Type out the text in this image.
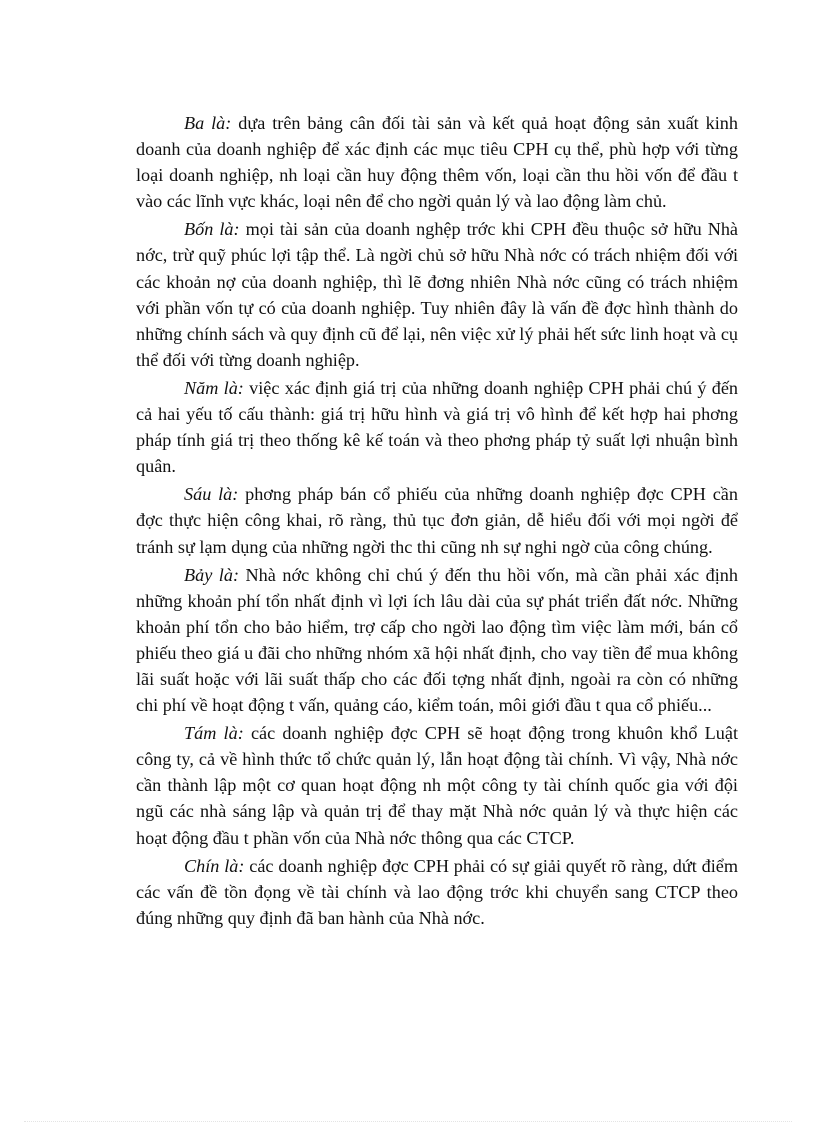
Ba là: dựa trên bảng cân đối tài sản và kết quả hoạt động sản xuất kinh doanh của doanh nghiệp để xác định các mục tiêu CPH cụ thể, phù hợp với từng loại doanh nghiệp, nh loại cần huy động thêm vốn, loại cần thu hồi vốn để đầu t vào các lĩnh vực khác, loại nên để cho ngời quản lý và lao động làm chủ.

Bốn là: mọi tài sản của doanh nghệp trớc khi CPH đều thuộc sở hữu Nhà nớc, trừ quỹ phúc lợi tập thể. Là ngời chủ sở hữu Nhà nớc có trách nhiệm đối với các khoản nợ của doanh nghiệp, thì lẽ đơng nhiên Nhà nớc cũng có trách nhiệm với phần vốn tự có của doanh nghiệp. Tuy nhiên đây là vấn đề đợc hình thành do những chính sách và quy định cũ để lại, nên việc xử lý phải hết sức linh hoạt và cụ thể đối với từng doanh nghiệp.

Năm là: việc xác định giá trị của những doanh nghiệp CPH phải chú ý đến cả hai yếu tố cấu thành: giá trị hữu hình và giá trị vô hình để kết hợp hai phơng pháp tính giá trị theo thống kê kế toán và theo phơng pháp tỷ suất lợi nhuận bình quân.

Sáu là: phơng pháp bán cổ phiếu của những doanh nghiệp đợc CPH cần đợc thực hiện công khai, rõ ràng, thủ tục đơn giản, dễ hiểu đối với mọi ngời để tránh sự lạm dụng của những ngời thc thi cũng nh sự nghi ngờ của công chúng.

Bảy là: Nhà nớc không chỉ chú ý đến thu hồi vốn, mà cần phải xác định những khoản phí tổn nhất định vì lợi ích lâu dài của sự phát triển đất nớc. Những khoản phí tổn cho bảo hiểm, trợ cấp cho ngời lao động tìm việc làm mới, bán cổ phiếu theo giá u đãi cho những nhóm xã hội nhất định, cho vay tiền để mua không lãi suất hoặc với lãi suất thấp cho các đối tợng nhất định, ngoài ra còn có những chi phí về hoạt động t vấn, quảng cáo, kiểm toán, môi giới đầu t qua cổ phiếu...

Tám là: các doanh nghiệp đợc CPH sẽ hoạt động trong khuôn khổ Luật công ty, cả về hình thức tổ chức quản lý, lẫn hoạt động tài chính. Vì vậy, Nhà nớc cần thành lập một cơ quan hoạt động nh một công ty tài chính quốc gia với đội ngũ các nhà sáng lập và quản trị để thay mặt Nhà nớc quản lý và thực hiện các hoạt động đầu t phần vốn của Nhà nớc thông qua các CTCP.

Chín là: các doanh nghiệp đợc CPH phải có sự giải quyết rõ ràng, dứt điểm các vấn đề tồn đọng về tài chính và lao động trớc khi chuyển sang CTCP theo đúng những quy định đã ban hành của Nhà nớc.
